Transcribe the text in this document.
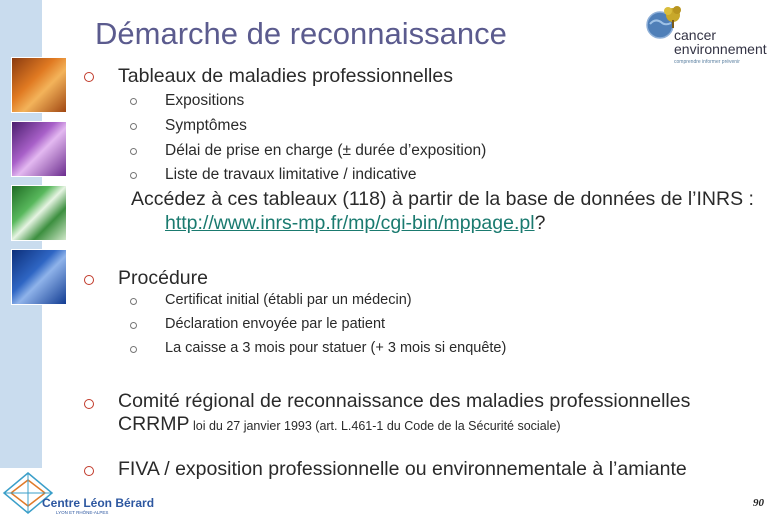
Démarche de reconnaissance	cancer
environnement
comprendre informer prévenir
Tableaux de maladies professionnelles
Expositions
Symptômes
Délai de prise en charge (± durée d’exposition)
Liste de travaux limitative / indicative
Accédez à ces tableaux (118) à partir de la base de données de l’INRS :
http://www.inrs-mp.fr/mp/cgi-bin/mppage.pl?
Procédure
Certificat initial (établi par un médecin)
Déclaration envoyée par le patient
La caisse a 3 mois pour statuer (+ 3 mois si enquête)
Comité régional de reconnaissance des maladies professionnelles
CRRMP loi du 27 janvier 1993 (art. L.461-1 du Code de la Sécurité sociale)
FIVA / exposition professionnelle ou environnementale à l’amiante
Centre Léon Bérard
LYON ET RHÔNE-ALPES
90
